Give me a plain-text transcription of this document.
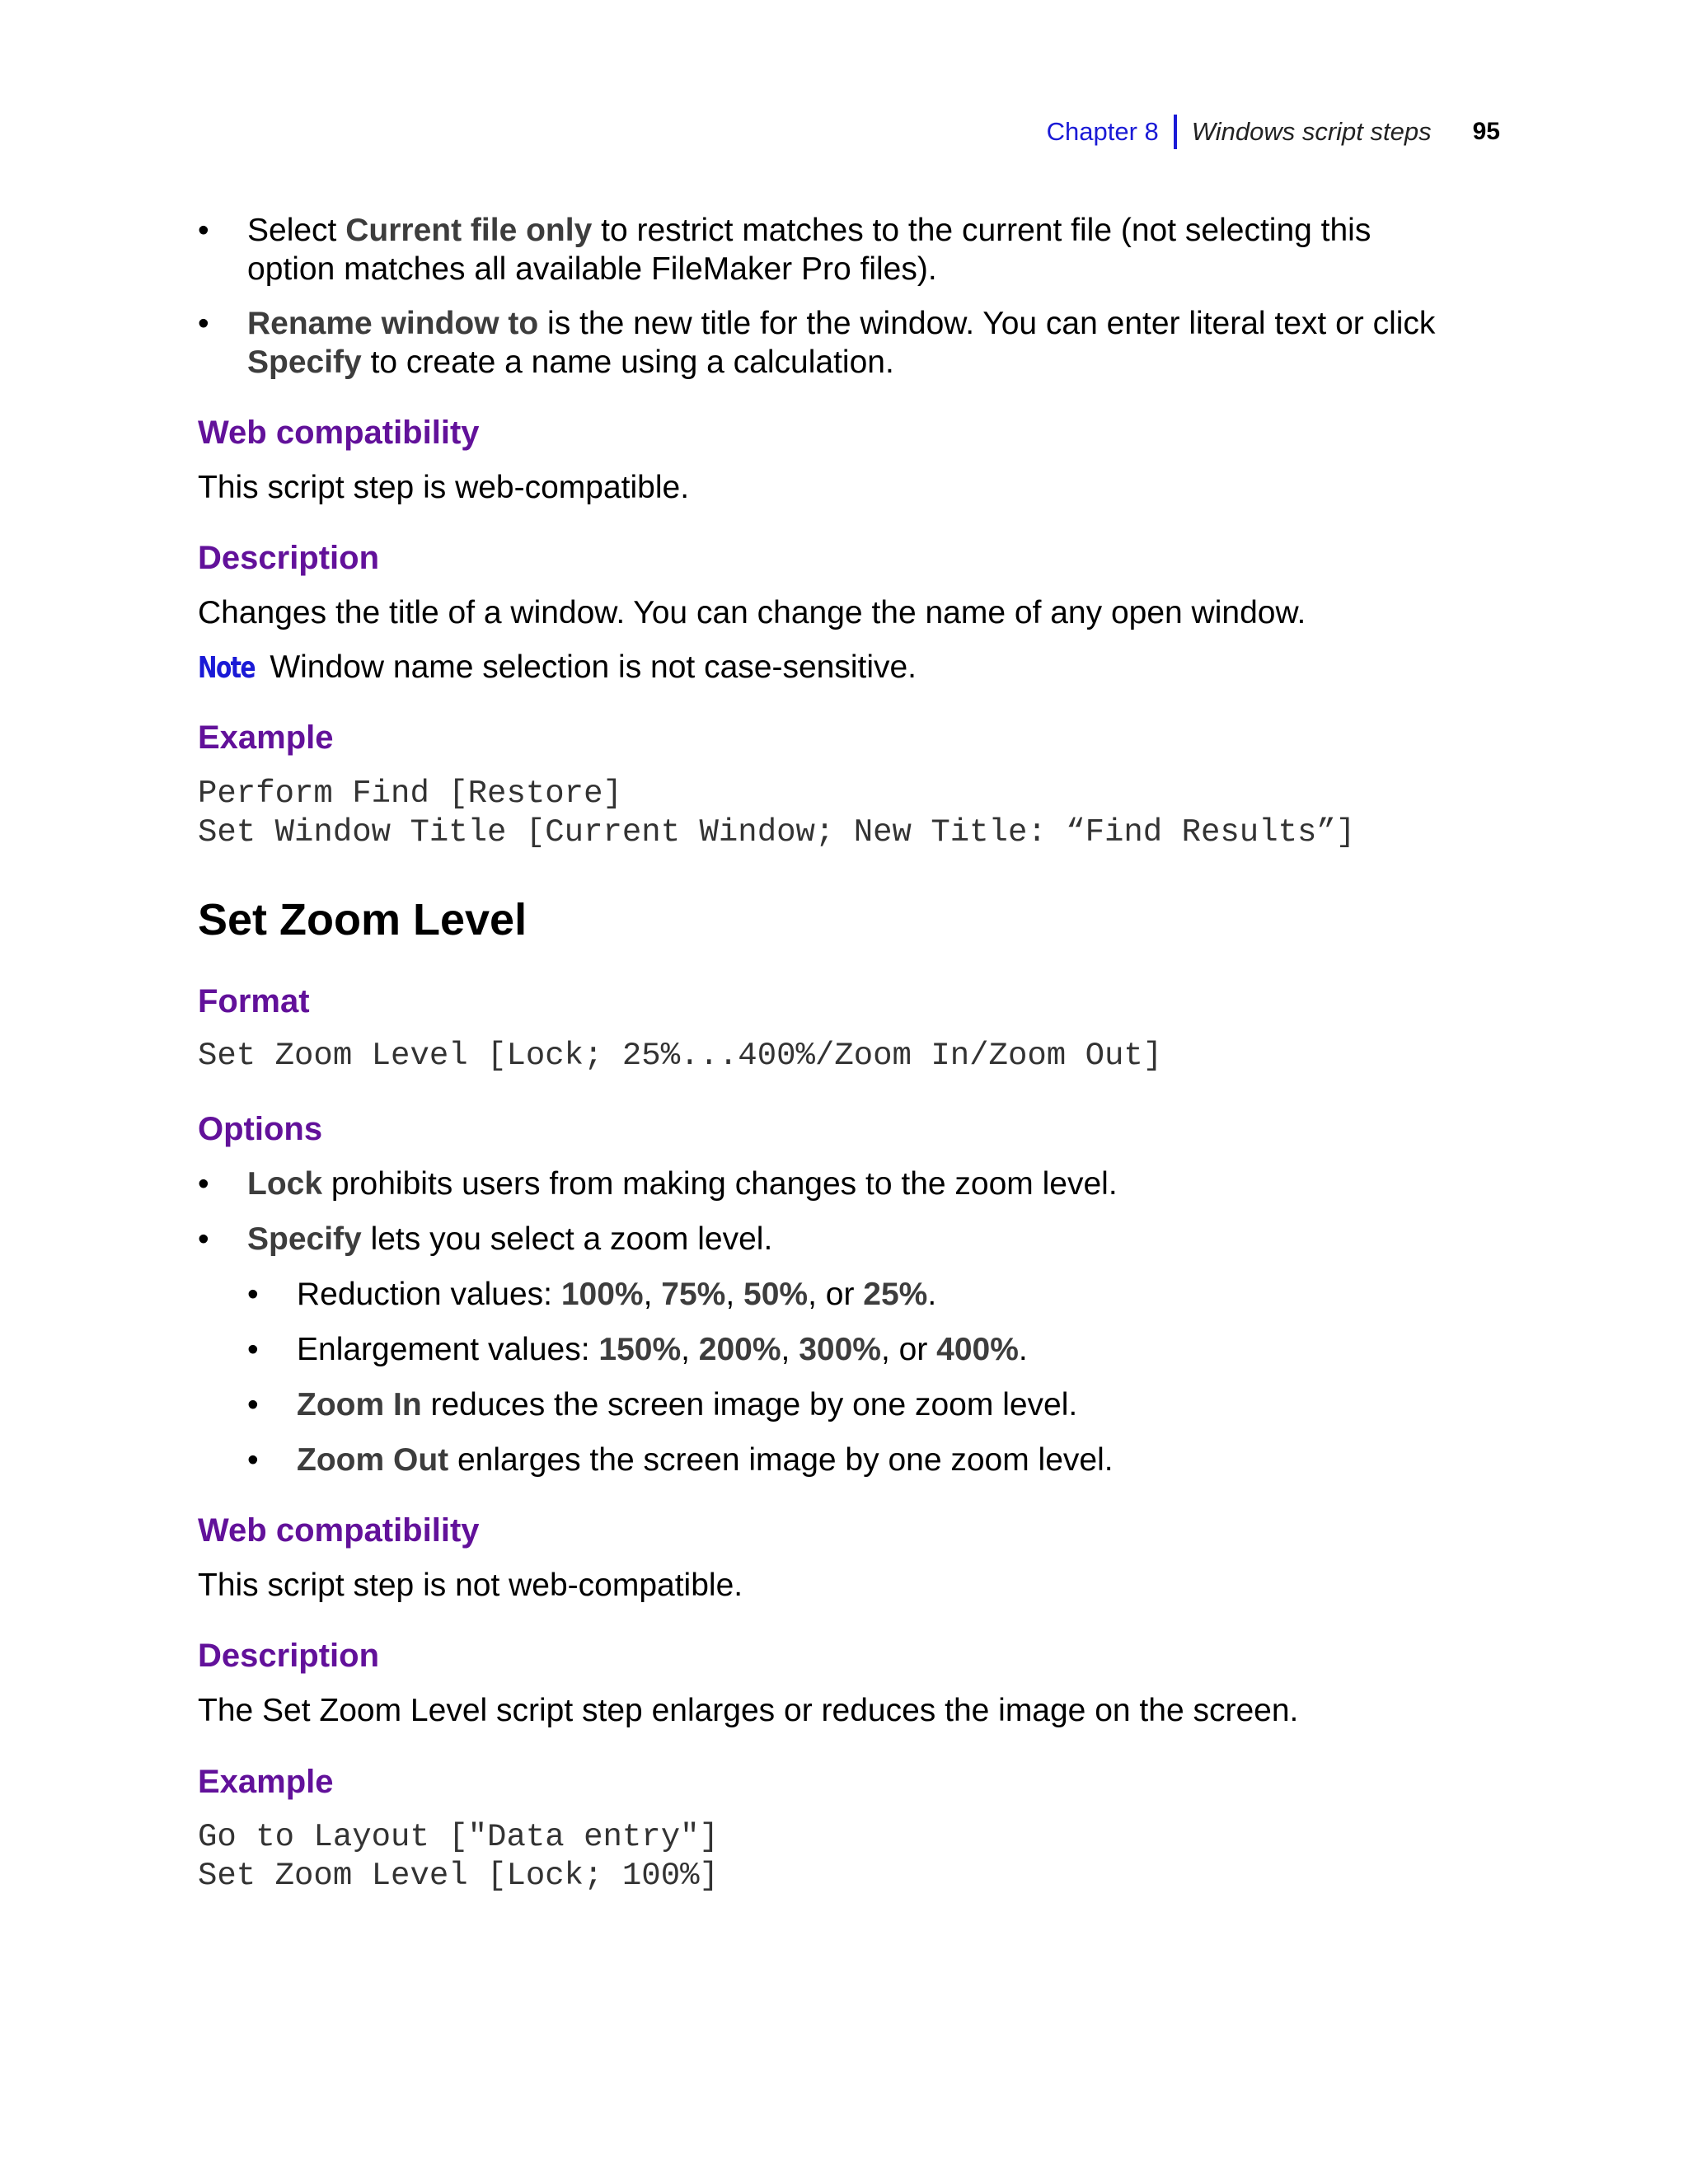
Chapter 8 Windows script steps 95
•	Select Current file only to restrict matches to the current file (not selecting this
option matches all available FileMaker Pro files).
•	Rename window to is the new title for the window. You can enter literal text or click
Specify to create a name using a calculation.
Web compatibility
This script step is web-compatible.
Description
Changes the title of a window. You can change the name of any open window.
Note Window name selection is not case-sensitive.
Example
Perform Find [Restore]
Set Window Title [Current Window; New Title: “Find Results”]
Set Zoom Level
Format
Set Zoom Level [Lock; 25%...400%/Zoom In/Zoom Out]
Options
•	Lock prohibits users from making changes to the zoom level.
•	Specify lets you select a zoom level.
•	Reduction values: 100%, 75%, 50%, or 25%.
•	Enlargement values: 150%, 200%, 300%, or 400%.
•	Zoom In reduces the screen image by one zoom level.
•	Zoom Out enlarges the screen image by one zoom level.
Web compatibility
This script step is not web-compatible.
Description
The Set Zoom Level script step enlarges or reduces the image on the screen.
Example
Go to Layout ["Data entry"]
Set Zoom Level [Lock; 100%]
